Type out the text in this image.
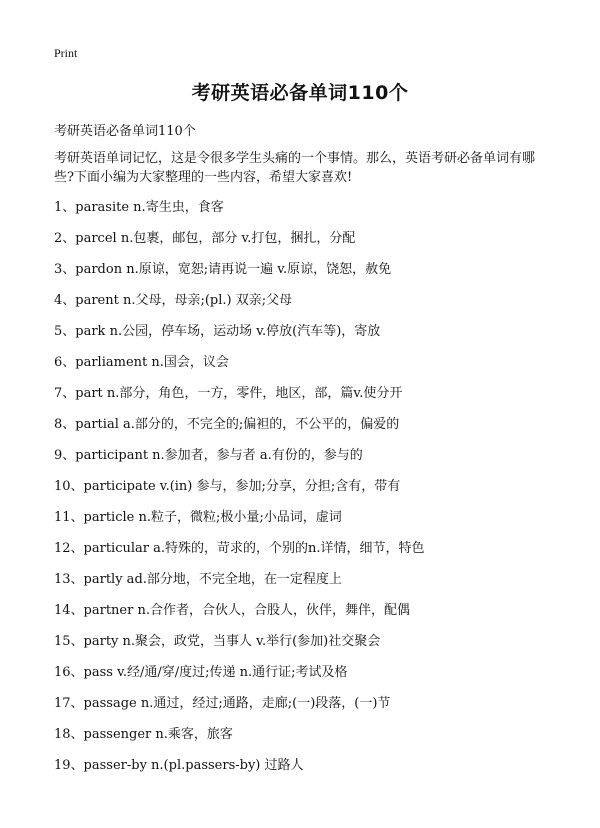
Print
考研英语必备单词110个
考研英语必备单词110个
考研英语单词记忆，这是令很多学生头痛的一个事情。那么，英语考研必备单词有哪些?下面小编为大家整理的一些内容，希望大家喜欢!
1、parasite n.寄生虫，食客
2、parcel n.包裹，邮包，部分 v.打包，捆扎，分配
3、pardon n.原谅，宽恕;请再说一遍 v.原谅，饶恕，赦免
4、parent n.父母，母亲;(pl.) 双亲;父母
5、park n.公园，停车场，运动场 v.停放(汽车等)，寄放
6、parliament n.国会，议会
7、part n.部分，角色，一方，零件，地区，部，篇v.使分开
8、partial a.部分的，不完全的;偏袒的，不公平的，偏爱的
9、participant n.参加者，参与者 a.有份的，参与的
10、participate v.(in) 参与，参加;分享，分担;含有，带有
11、particle n.粒子，微粒;极小量;小品词，虚词
12、particular a.特殊的，苛求的，个别的n.详情，细节，特色
13、partly ad.部分地，不完全地，在一定程度上
14、partner n.合作者，合伙人，合股人，伙伴，舞伴，配偶
15、party n.聚会，政党，当事人 v.举行(参加)社交聚会
16、pass v.经/通/穿/度过;传递 n.通行证;考试及格
17、passage n.通过，经过;通路，走廊;(一)段落，(一)节
18、passenger n.乘客，旅客
19、passer-by n.(pl.passers-by) 过路人
